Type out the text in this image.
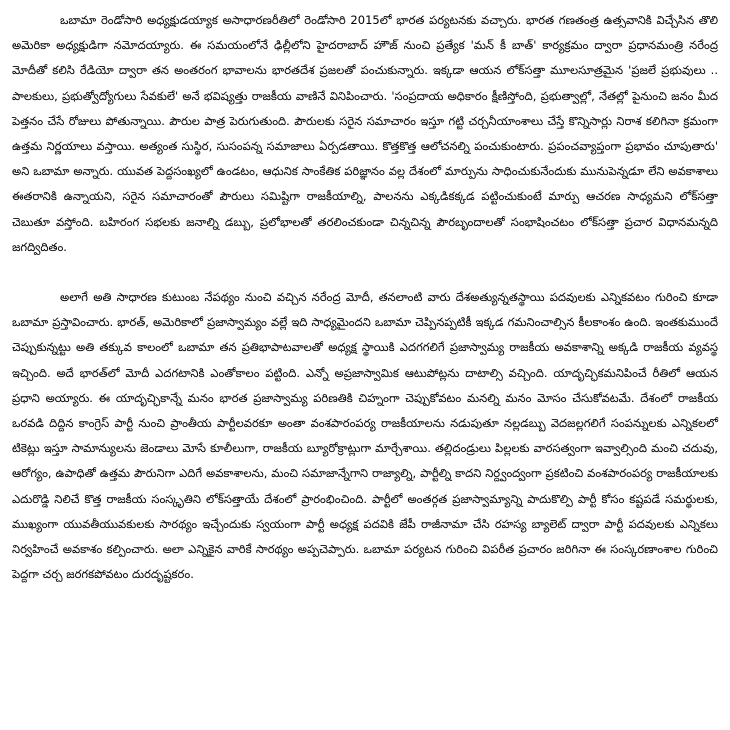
ఒబామా రెండోసారి అధ్యక్షుడయ్యాక అసాధారణరీతిలో రెండోసారి 2015లో భారత పర్యటనకు వచ్చారు. భారత గణతంత్ర ఉత్సవానికి విచ్చేసిన తొలి అమెరికా అధ్యక్షుడిగా నమోదయ్యారు. ఈ సమయంలోనే ఢిల్లీలోని హైదరాబాద్ హౌజ్ నుంచి ప్రత్యేక 'మన్ కీ బాత్' కార్యక్రమం ద్వారా ప్రధానమంత్రి నరేంద్ర మోదీతో కలిసి రేడియో ద్వారా తన అంతరంగ భావాలను భారతదేశ ప్రజలతో పంచుకున్నారు. ఇక్కడా ఆయన లోక్‌సత్తా మూలసూత్రమైన 'ప్రజలే ప్రభువులు .. పాలకులు, ప్రభుత్వోద్యోగులు సేవకులే' అనే భవిష్యత్తు రాజకీయ వాణినే వినిపించారు. 'సంప్రదాయ అధికారం క్షీణిస్తోంది, ప్రభుత్వాల్లో, నేతల్లో పైనుంచి జనం మీద పెత్తనం చేసే రోజులు పోతున్నాయి. పౌరుల పాత్ర పెరుగుతుంది. పౌరులకు సరైన సమాచారం ఇస్తూ గట్టి చర్చనీయాంశాలు చేస్తే కొన్నిసార్లు నిరాశ కలిగినా క్రమంగా ఉత్తమ నిర్ణయాలు వస్తాయి. అత్యంత సుస్థిర, సుసంపన్న సమాజాలు ఏర్పడతాయి. కొత్తకొత్త ఆలోచనల్ని పంచుకుంటారు. ప్రపంచవ్యాప్తంగా ప్రభావం చూపుతారు' అని ఒబామా అన్నారు. యువత పెద్దసంఖ్యలో ఉండటం, ఆధునిక సాంకేతిక పరిజ్ఞానం వల్ల దేశంలో మార్పును సాధించుకునేందుకు మునుపెన్నడూ లేని అవకాశాలు ఈతరానికి ఉన్నాయని, సరైన సమాచారంతో పౌరులు సమిష్టిగా రాజకీయాల్ని, పాలనను ఎక్కడికక్కడ పట్టించుకుంటే మార్పు ఆచరణ సాధ్యమని లోక్‌సత్తా చెబుతూ వస్తోంది. బహిరంగ సభలకు జనాల్ని డబ్బు, ప్రలోభాలతో తరలించకుండా చిన్నచిన్న పౌరబృందాలతో సంభాషించటం లోక్‌సత్తా ప్రచార విధానమన్నది జగద్విదితం.

అలాగే అతి సాధారణ కుటుంబ నేపథ్యం నుంచి వచ్చిన నరేంద్ర మోదీ, తనలాంటి వారు దేశఅత్యున్నతస్థాయి పదవులకు ఎన్నికవటం గురించి కూడా ఒబామా ప్రస్తావించారు. భారత్, అమెరికాలో ప్రజాస్వామ్యం వల్లే ఇది సాధ్యమైందని ఒబామా చెప్పినప్పటికీ ఇక్కడ గమనించాల్సిన కీలకాంశం ఉంది. ఇంతకుముందే చెప్పుకున్నట్టు అతి తక్కువ కాలంలో ఒబామా తన ప్రతిభాపాటవాలతో అధ్యక్ష స్థాయికి ఎదగగలిగే ప్రజాస్వామ్య రాజకీయ అవకాశాన్ని అక్కడి రాజకీయ వ్యవస్థ ఇచ్చింది. అదే భారత్‌లో మోదీ ఎదగటానికి ఎంతోకాలం పట్టింది. ఎన్నో అప్రజాస్వామిక ఆటుపోట్లను దాటాల్సి వచ్చింది. యాదృచ్ఛికమనిపించే రీతిలో ఆయన ప్రధాని అయ్యారు. ఈ యాదృచ్ఛికాన్నే మనం భారత ప్రజాస్వామ్య పరిణతికి చిహ్నంగా చెప్పుకోవటం మనల్ని మనం మోసం చేసుకోవటమే. దేశంలో రాజకీయ ఒరవడి దిద్దిన కాంగ్రెస్ పార్టీ నుంచి ప్రాంతీయ పార్టీలవరకూ అంతా వంశపారంపర్య రాజకీయాలను నడుపుతూ నల్లడబ్బు వెదజల్లగలిగే సంపన్నులకు ఎన్నికలలో టికెట్లు ఇస్తూ సామాన్యులను జెండాలు మోసే కూలీలుగా, రాజకీయ బ్యూరోక్రాట్లుగా మార్చేశాయి. తల్లిదండ్రులు పిల్లలకు వారసత్వంగా ఇవ్వాల్సింది మంచి చదువు, ఆరోగ్యం, ఉపాధితో ఉత్తమ పౌరునిగా ఎదిగే అవకాశాలను, మంచి సమాజాన్నేగాని రాజ్యాల్ని, పార్టీల్ని కాదని నిర్ద్వంద్వంగా ప్రకటించి వంశపారంపర్య రాజకీయాలకు ఎదురొడ్డి నిలిచే కొత్త రాజకీయ సంస్కృతిని లోక్‌సత్తాయే దేశంలో ప్రారంభించింది. పార్టీలో అంతర్గత ప్రజాస్వామ్యాన్ని పాదుకొల్పి పార్టీ కోసం కష్టపడే సమర్థులకు, ముఖ్యంగా యువతీయువకులకు సారథ్యం ఇచ్చేందుకు స్వయంగా పార్టీ అధ్యక్ష పదవికి జేపీ రాజీనామా చేసి రహస్య బ్యాలెట్ ద్వారా పార్టీ పదవులకు ఎన్నికలు నిర్వహించే అవకాశం కల్పించారు. అలా ఎన్నికైన వారికే సారథ్యం అప్పచెప్పారు. ఒబామా పర్యటన గురించి విపరీత ప్రచారం జరిగినా ఈ సంస్కరణాంశాల గురించి పెద్దగా చర్చ జరగకపోవటం దురదృష్టకరం.
